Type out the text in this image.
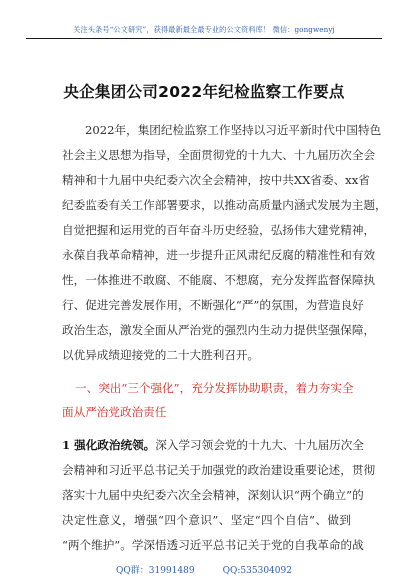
关注头条号“公文研究”，获得最新最全最专业的公文资料库！ 微信：gongwenyj
央企集团公司2022年纪检监察工作要点
2022年，集团纪检监察工作坚持以习近平新时代中国特色
社会主义思想为指导，全面贯彻党的十九大、十九届历次全会
精神和十九届中央纪委六次全会精神，按中共XX省委、xx省
纪委监委有关工作部署要求，以推动高质量内涵式发展为主题，
自觉把握和运用党的百年奋斗历史经验，弘扬伟大建党精神，
永葆自我革命精神，进一步提升正风肃纪反腐的精准性和有效
性，一体推进不敢腐、不能腐、不想腐，充分发挥监督保障执
行、促进完善发展作用，不断强化“严”的氛围，为营造良好
政治生态，激发全面从严治党的强烈内生动力提供坚强保障，
以优异成绩迎接党的二十大胜利召开。
一、突出“三个强化”，充分发挥协助职责，着力夯实全
面从严治党政治责任
1 强化政治统领。深入学习领会党的十九大、十九届历次全
会精神和习近平总书记关于加强党的政治建设重要论述，贯彻
落实十九届中央纪委六次全会精神，深刻认识“两个确立”的
决定性意义，增强“四个意识”、坚定“四个自信”、做到
“两个维护”。学深悟透习近平总书记关于党的自我革命的战
QQ群：31991489	QQ:535304092
